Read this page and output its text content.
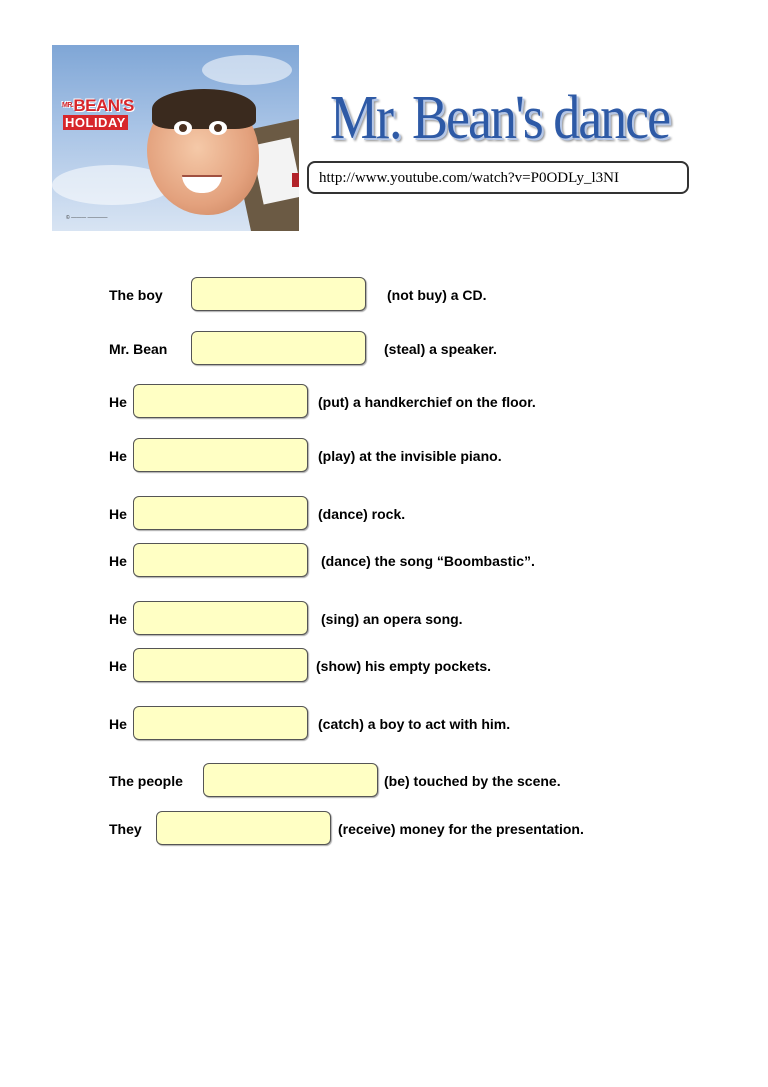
$^{MR.}$BEAN'S
HOLIDAY
© ——— ————
Mr. Bean's dance
http://www.youtube.com/watch?v=P0ODLy_l3NI
The boy	(not buy) a CD.
Mr. Bean	(steal) a speaker.
He	(put) a handkerchief on the floor.
He	(play) at the invisible piano.
He	(dance) rock.
He	(dance) the song “Boombastic”.
He	(sing) an opera song.
He	(show) his empty pockets.
He	(catch) a boy to act with him.
The people	(be) touched by the scene.
They	(receive) money for the presentation.
